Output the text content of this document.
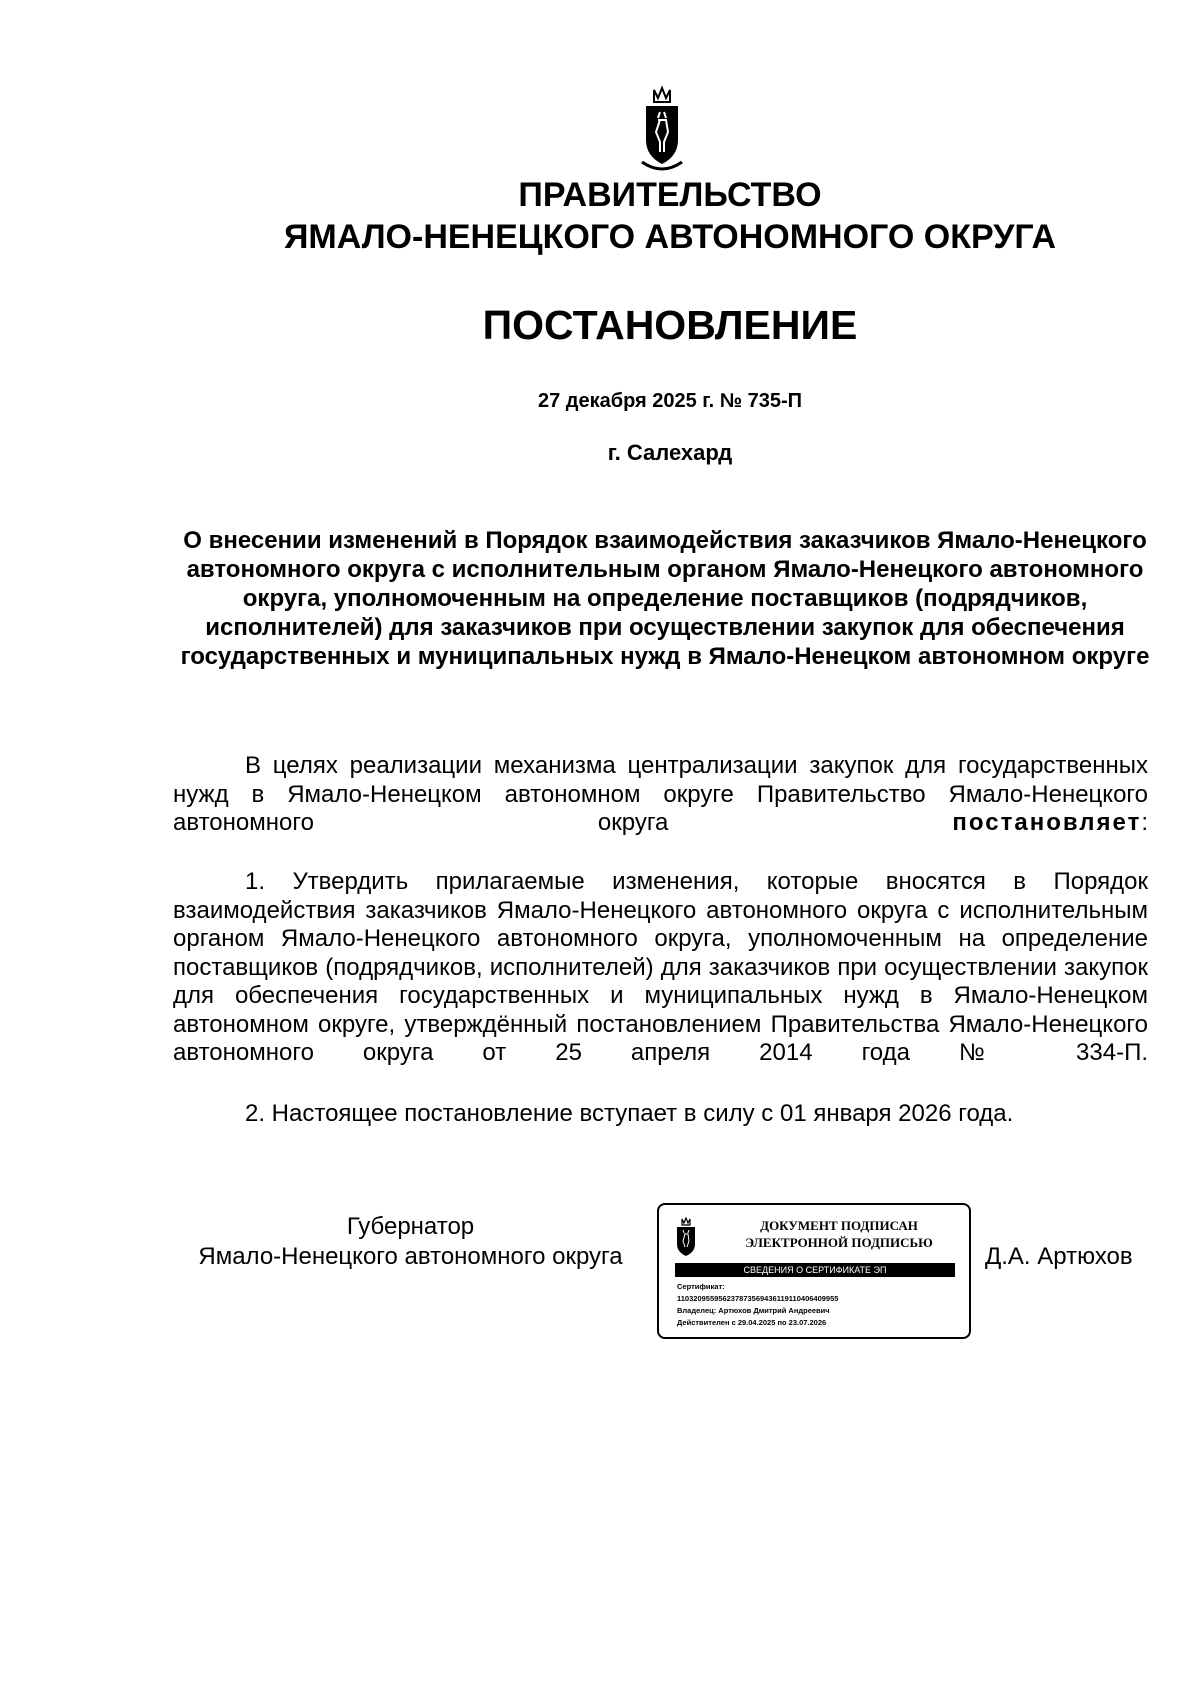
ПРАВИТЕЛЬСТВО
ЯМАЛО-НЕНЕЦКОГО АВТОНОМНОГО ОКРУГА
ПОСТАНОВЛЕНИЕ
27 декабря 2025 г. № 735-П
г. Салехард
О внесении изменений в Порядок взаимодействия заказчиков Ямало-Ненецкого автономного округа с исполнительным органом Ямало-Ненецкого автономного округа, уполномоченным на определение поставщиков (подрядчиков, исполнителей) для заказчиков при осуществлении закупок для обеспечения государственных и муниципальных нужд в Ямало-Ненецком автономном округе
В целях реализации механизма централизации закупок для государственных нужд в Ямало-Ненецком автономном округе Правительство Ямало-Ненецкого автономного округа	постановляет:
1. Утвердить прилагаемые изменения, которые вносятся в Порядок взаимодействия заказчиков Ямало-Ненецкого автономного округа с исполнительным органом Ямало-Ненецкого автономного округа, уполномоченным на определение поставщиков (подрядчиков, исполнителей) для заказчиков при осуществлении закупок для обеспечения государственных и муниципальных нужд в Ямало-Ненецком автономном округе, утверждённый постановлением Правительства Ямало-Ненецкого автономного округа от 25 апреля 2014 года № 334-П.
2. Настоящее постановление вступает в силу с 01 января 2026 года.
Губернатор
Ямало-Ненецкого автономного округа
ДОКУМЕНТ ПОДПИСАН
ЭЛЕКТРОННОЙ ПОДПИСЬЮ
СВЕДЕНИЯ О СЕРТИФИКАТЕ ЭП
Сертификат:
110320955956237873569436119110406409955
Владелец: Артюхов Дмитрий Андреевич
Действителен с 29.04.2025 по 23.07.2026
Д.А. Артюхов
